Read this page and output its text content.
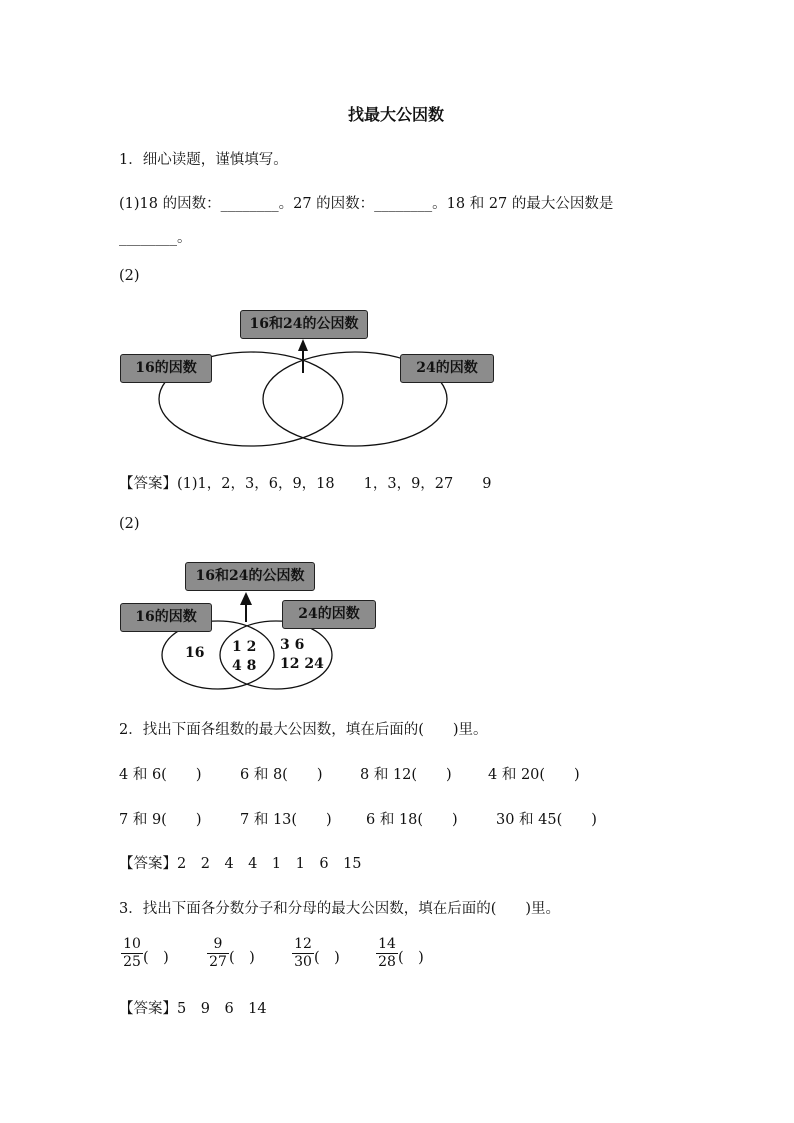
找最大公因数
1．细心读题，谨慎填写。
(1)18 的因数：________。27 的因数：________。18 和 27 的最大公因数是
________。
(2)
16和24的公因数
16的因数	24的因数
【答案】(1)1，2，3，6，9，18　　1，3，9，27　　9
(2)
16和24的公因数
16的因数	24的因数
16 1 2
4 8
3 6
12 24
2．找出下面各组数的最大公因数，填在后面的(　　)里。
4 和 6(　　)	6 和 8(　　)	8 和 12(　　)	4 和 20(　　)
7 和 9(　　)	7 和 13(　　) 6 和 18(　　)	30 和 45(　　)
【答案】2　2　4　4　1　1　6　15
3．找出下面各分数分子和分母的最大公因数，填在后面的(　　)里。
10
25 (　)
9
27 (　)
12
30 (　)
14
28 (　)
【答案】5　9　6　14
